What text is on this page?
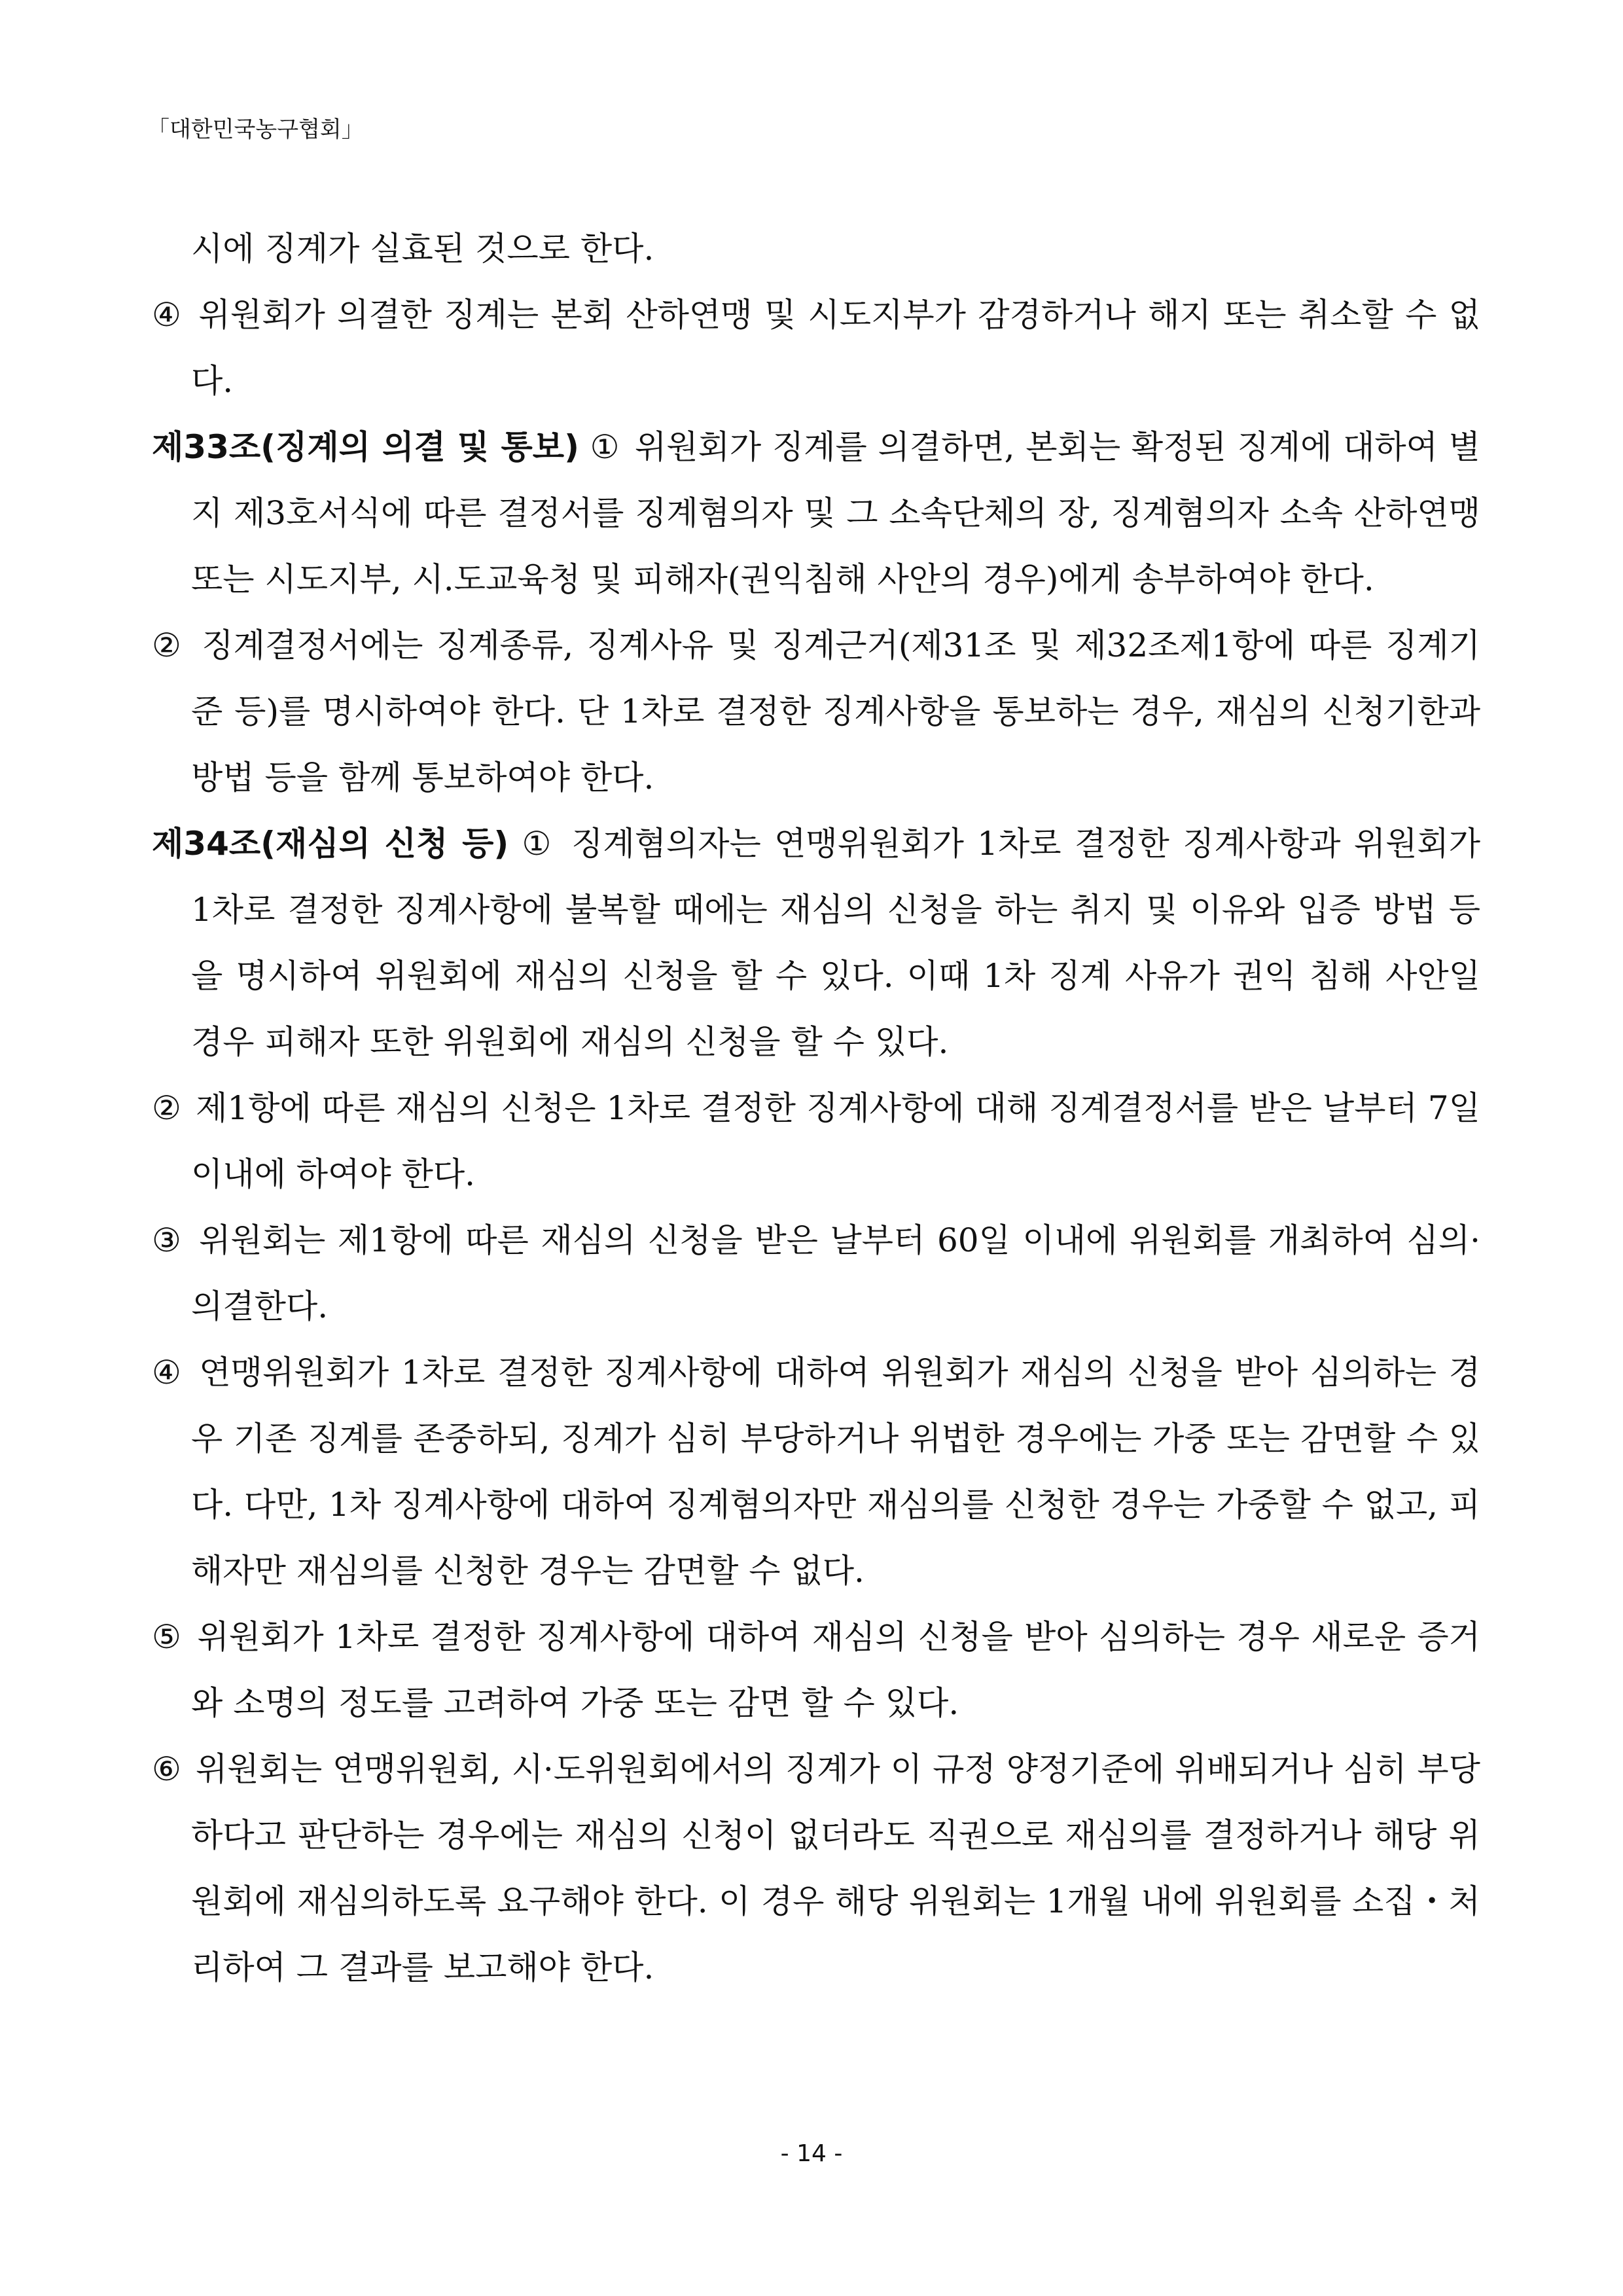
「대한민국농구협회」

시에 징계가 실효된 것으로 한다.

④ 위원회가 의결한 징계는 본회 산하연맹 및 시도지부가 감경하거나 해지 또는 취소할 수 없다.

제33조(징계의 의결 및 통보) ① 위원회가 징계를 의결하면, 본회는 확정된 징계에 대하여 별지 제3호서식에 따른 결정서를 징계혐의자 및 그 소속단체의 장, 징계혐의자 소속 산하연맹 또는 시도지부, 시.도교육청 및 피해자(권익침해 사안의 경우)에게 송부하여야 한다.

② 징계결정서에는 징계종류, 징계사유 및 징계근거(제31조 및 제32조제1항에 따른 징계기준 등)를 명시하여야 한다. 단 1차로 결정한 징계사항을 통보하는 경우, 재심의 신청기한과 방법 등을 함께 통보하여야 한다.

제34조(재심의 신청 등) ① 징계혐의자는 연맹위원회가 1차로 결정한 징계사항과 위원회가 1차로 결정한 징계사항에 불복할 때에는 재심의 신청을 하는 취지 및 이유와 입증 방법 등을 명시하여 위원회에 재심의 신청을 할 수 있다. 이때 1차 징계 사유가 권익 침해 사안일 경우 피해자 또한 위원회에 재심의 신청을 할 수 있다.

② 제1항에 따른 재심의 신청은 1차로 결정한 징계사항에 대해 징계결정서를 받은 날부터 7일 이내에 하여야 한다.

③ 위원회는 제1항에 따른 재심의 신청을 받은 날부터 60일 이내에 위원회를 개최하여 심의·의결한다.

④ 연맹위원회가 1차로 결정한 징계사항에 대하여 위원회가 재심의 신청을 받아 심의하는 경우 기존 징계를 존중하되, 징계가 심히 부당하거나 위법한 경우에는 가중 또는 감면할 수 있다. 다만, 1차 징계사항에 대하여 징계혐의자만 재심의를 신청한 경우는 가중할 수 없고, 피해자만 재심의를 신청한 경우는 감면할 수 없다.

⑤ 위원회가 1차로 결정한 징계사항에 대하여 재심의 신청을 받아 심의하는 경우 새로운 증거와 소명의 정도를 고려하여 가중 또는 감면 할 수 있다.

⑥ 위원회는 연맹위원회, 시·도위원회에서의 징계가 이 규정 양정기준에 위배되거나 심히 부당하다고 판단하는 경우에는 재심의 신청이 없더라도 직권으로 재심의를 결정하거나 해당 위원회에 재심의하도록 요구해야 한다. 이 경우 해당 위원회는 1개월 내에 위원회를 소집・처리하여 그 결과를 보고해야 한다.

- 14 -
